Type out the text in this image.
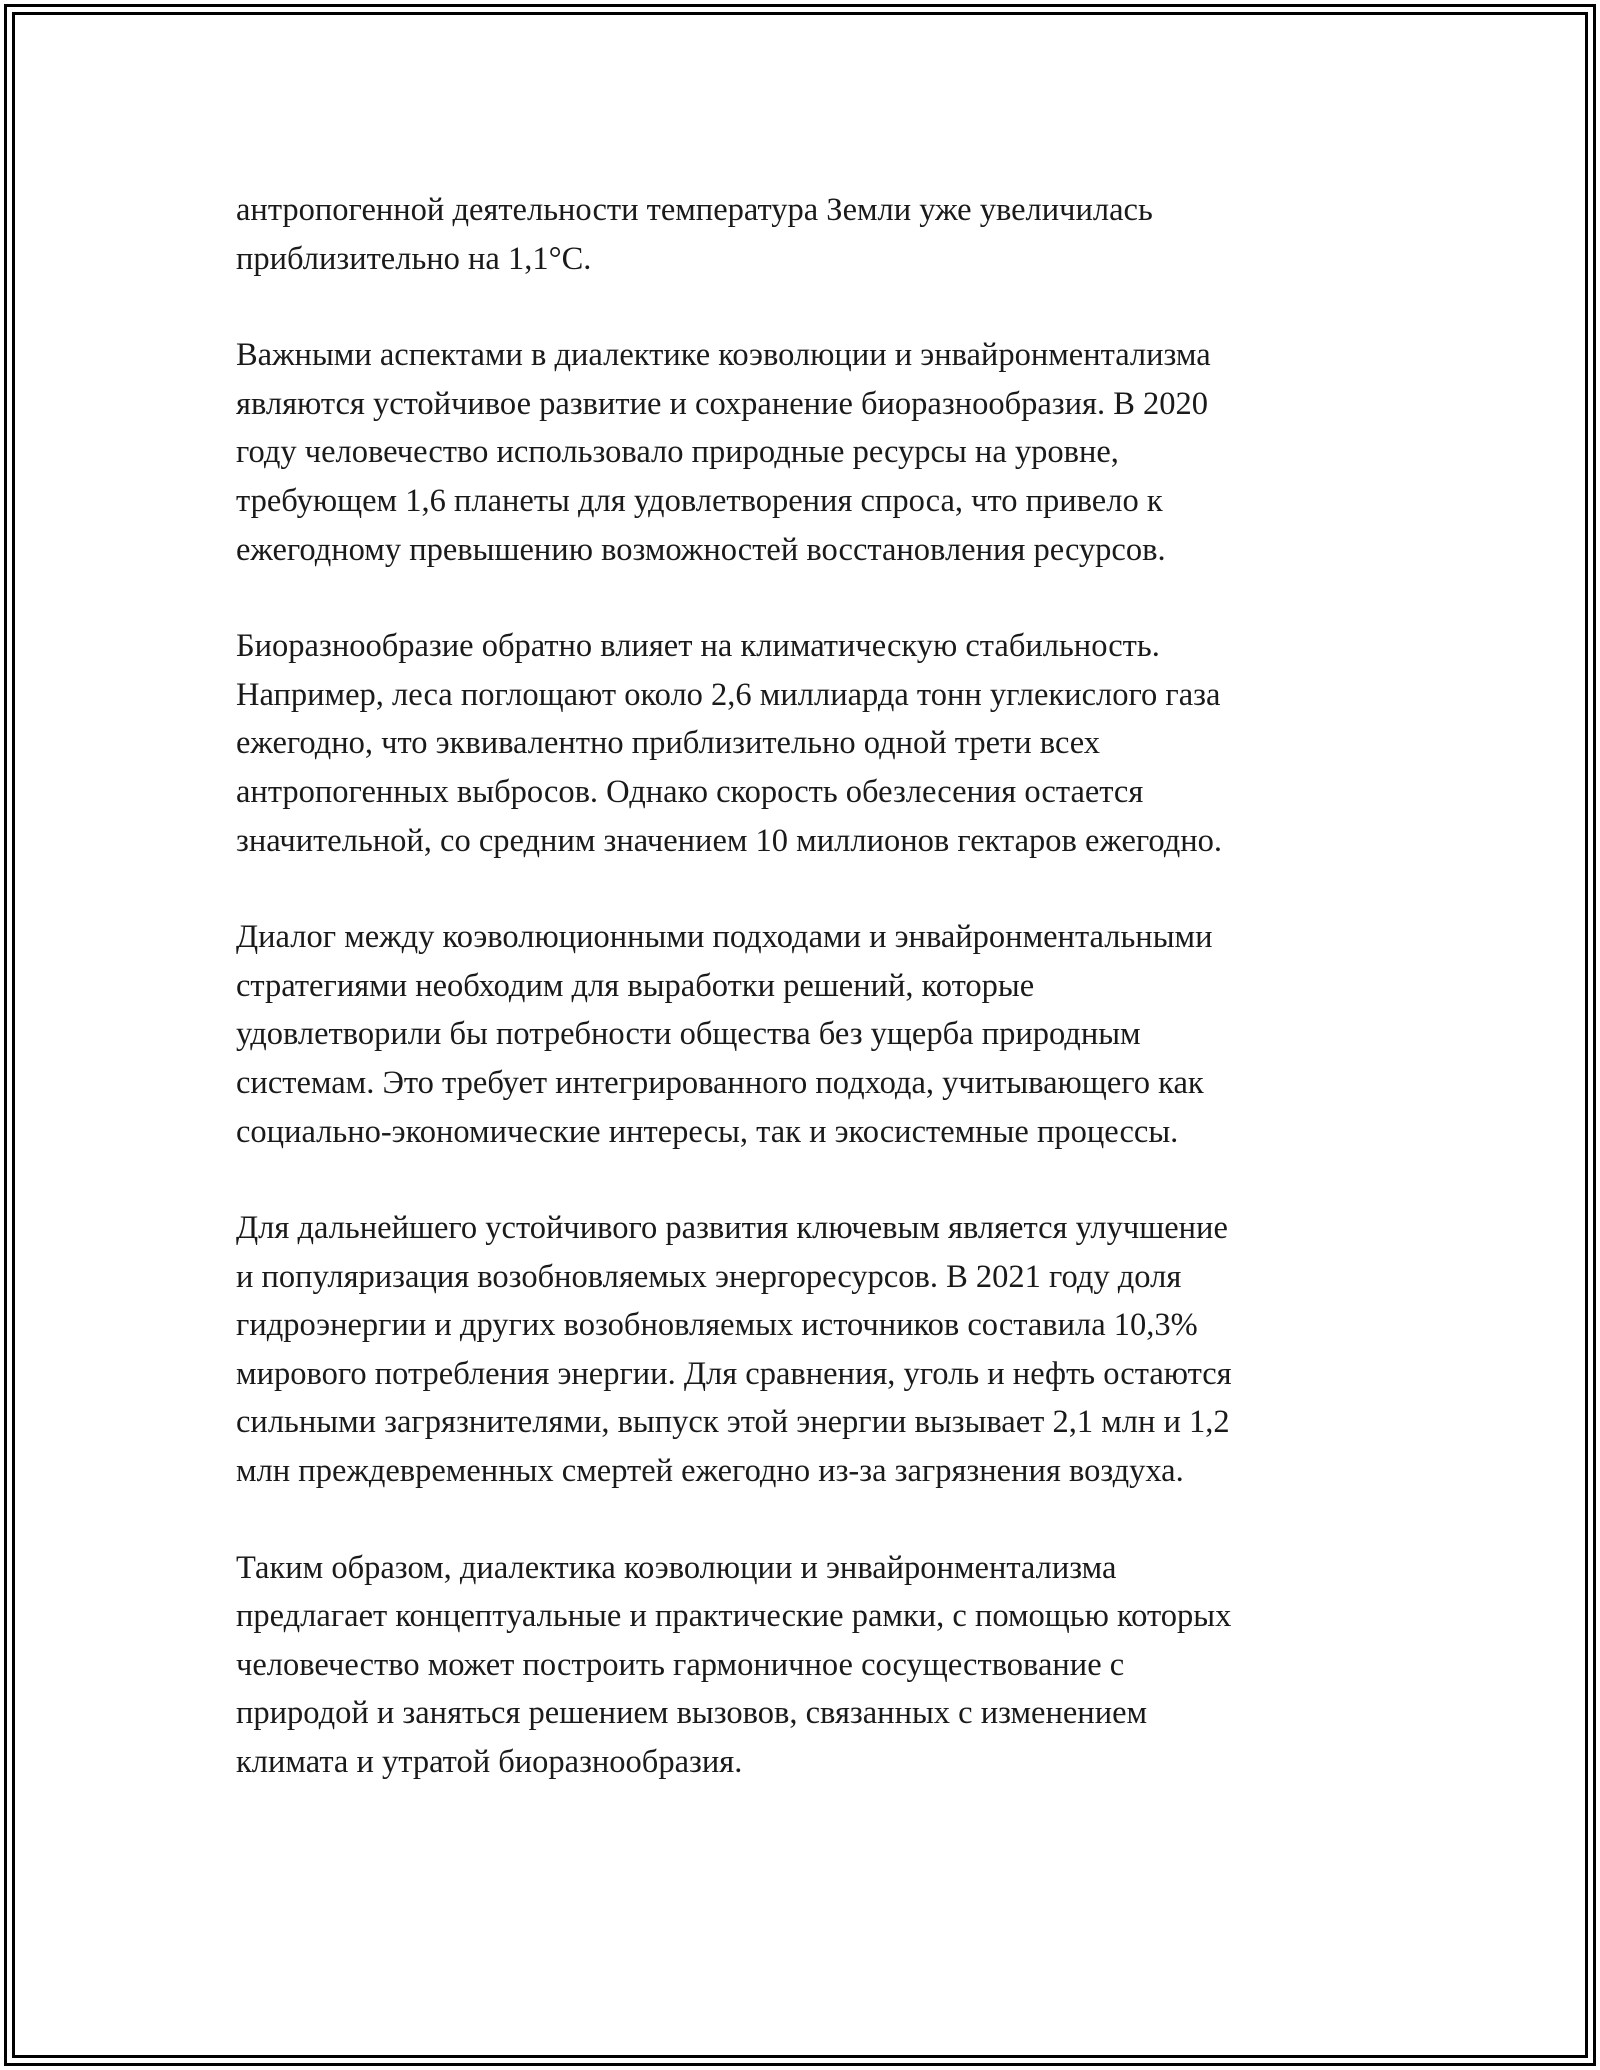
антропогенной деятельности температура Земли уже увеличилась
приблизительно на 1,1°С.

Важными аспектами в диалектике коэволюции и энвайронментализма
являются устойчивое развитие и сохранение биоразнообразия. В 2020
году человечество использовало природные ресурсы на уровне,
требующем 1,6 планеты для удовлетворения спроса, что привело к
ежегодному превышению возможностей восстановления ресурсов.

Биоразнообразие обратно влияет на климатическую стабильность.
Например, леса поглощают около 2,6 миллиарда тонн углекислого газа
ежегодно, что эквивалентно приблизительно одной трети всех
антропогенных выбросов. Однако скорость обезлесения остается
значительной, со средним значением 10 миллионов гектаров ежегодно.

Диалог между коэволюционными подходами и энвайронментальными
стратегиями необходим для выработки решений, которые
удовлетворили бы потребности общества без ущерба природным
системам. Это требует интегрированного подхода, учитывающего как
социально-экономические интересы, так и экосистемные процессы.

Для дальнейшего устойчивого развития ключевым является улучшение
и популяризация возобновляемых энергоресурсов. В 2021 году доля
гидроэнергии и других возобновляемых источников составила 10,3%
мирового потребления энергии. Для сравнения, уголь и нефть остаются
сильными загрязнителями, выпуск этой энергии вызывает 2,1 млн и 1,2
млн преждевременных смертей ежегодно из-за загрязнения воздуха.

Таким образом, диалектика коэволюции и энвайронментализма
предлагает концептуальные и практические рамки, с помощью которых
человечество может построить гармоничное сосуществование с
природой и заняться решением вызовов, связанных с изменением
климата и утратой биоразнообразия.
